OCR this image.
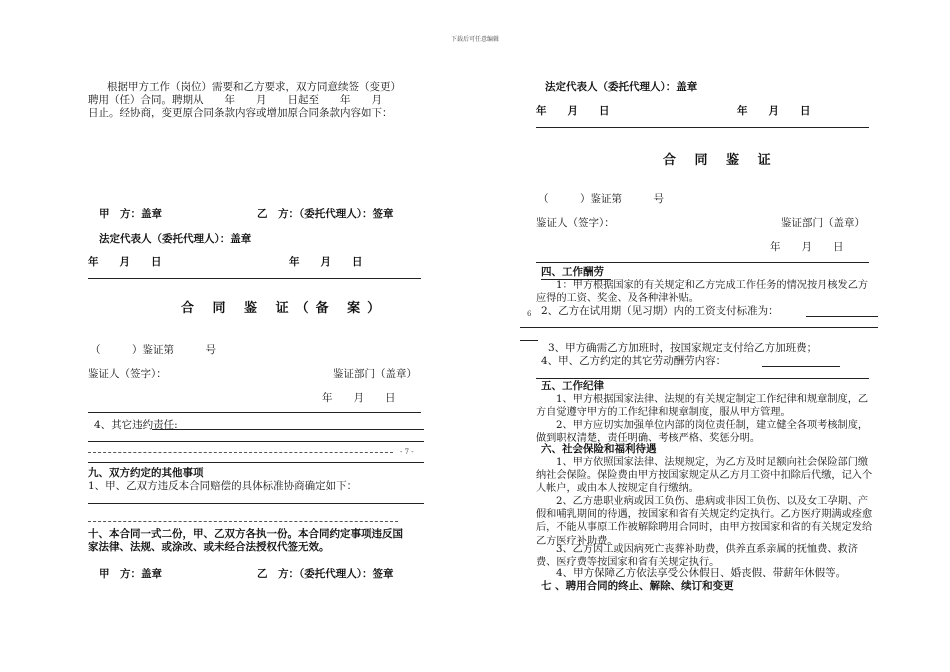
下载后可任意编辑
根据甲方工作（岗位）需要和乙方要求，双方同意续签（变更）
聘用（任）合同。聘期从　　年　　月　　日起至　　年　　月
日止。经协商，变更原合同条款内容或增加原合同条款内容如下：
甲　方：盖章	乙　方：（委托代理人）：签章
法定代表人（委托代理人）：盖章
年　　月　　日	年　　月　　日
合 同 鉴 证（备 案）
（　　　）鉴证第　　　号
鉴证人（签字）：	鉴证部门（盖章）
年　　月　　日
4、其它违约责任:
- 7 -
九、双方约定的其他事项
1、甲、乙双方违反本合同赔偿的具体标准协商确定如下：
十、本合同一式二份，甲、乙双方各执一份。本合同约定事项违反国
家法律、法规、或涂改、或未经合法授权代签无效。
甲　方：盖章	乙　方：（委托代理人）：签章
法定代表人（委托代理人）：盖章
年　　月　　日	年　　月　　日
合 同 鉴 证
（　　　）鉴证第　　　号
鉴证人（签字）：	鉴证部门（盖章）
年　　月　　日
四、工作酬劳
1：甲方根据国家的有关规定和乙方完成工作任务的情况按月核发乙方应得的工资、奖金、及各种津补贴。
6 2、乙方在试用期（见习期）内的工资支付标准为：
3、甲方确需乙方加班时，按国家规定支付给乙方加班费；
4、甲、乙方约定的其它劳动酬劳内容：
五、工作纪律
1、甲方根据国家法律、法规的有关规定制定工作纪律和规章制度，乙方自觉遵守甲方的工作纪律和规章制度，服从甲方管理。
2、甲方应切实加强单位内部的岗位责任制，建立健全各项考核制度，做到职权清楚，责任明确、考核严格、奖惩分明。
六、社会保险和福利待遇
1、甲方依照国家法律、法规规定，为乙方及时足额向社会保险部门缴纳社会保险。保险费由甲方按国家规定从乙方月工资中扣除后代缴，记入个人帐户，或由本人按规定自行缴纳。
2、乙方患职业病或因工负伤、患病或非因工负伤、以及女工孕期、产假和哺乳期间的待遇，按国家和省有关规定约定执行。乙方医疗期满或痊愈后，不能从事原工作被解除聘用合同时，由甲方按国家和省的有关规定发给乙方医疗补助费。
3、乙方因工或因病死亡丧葬补助费，供养直系亲属的抚恤费、救济费、医疗费等按国家和省有关规定执行。
4、甲方保障乙方依法享受公休假日、婚丧假、带薪年休假等。
七 、聘用合同的终止、解除、续订和变更
